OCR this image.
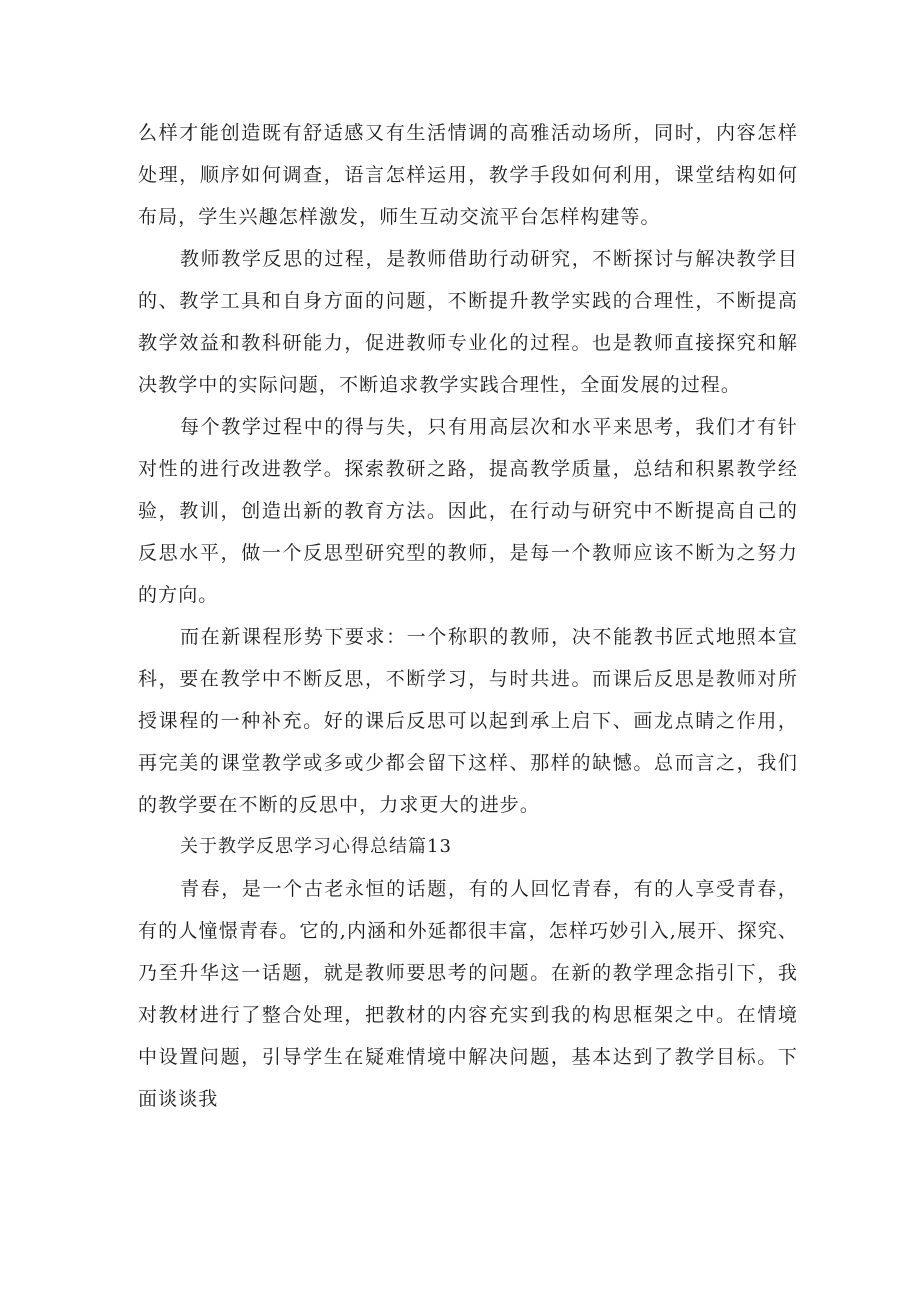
么样才能创造既有舒适感又有生活情调的高雅活动场所，同时，内容怎样处理，顺序如何调查，语言怎样运用，教学手段如何利用，课堂结构如何布局，学生兴趣怎样激发，师生互动交流平台怎样构建等。

教师教学反思的过程，是教师借助行动研究，不断探讨与解决教学目的、教学工具和自身方面的问题，不断提升教学实践的合理性，不断提高教学效益和教科研能力，促进教师专业化的过程。也是教师直接探究和解决教学中的实际问题，不断追求教学实践合理性，全面发展的过程。

每个教学过程中的得与失，只有用高层次和水平来思考，我们才有针对性的进行改进教学。探索教研之路，提高教学质量，总结和积累教学经验，教训，创造出新的教育方法。因此，在行动与研究中不断提高自己的反思水平，做一个反思型研究型的教师，是每一个教师应该不断为之努力的方向。

而在新课程形势下要求：一个称职的教师，决不能教书匠式地照本宣科，要在教学中不断反思，不断学习，与时共进。而课后反思是教师对所授课程的一种补充。好的课后反思可以起到承上启下、画龙点睛之作用，再完美的课堂教学或多或少都会留下这样、那样的缺憾。总而言之，我们的教学要在不断的反思中，力求更大的进步。

关于教学反思学习心得总结篇13

青春，是一个古老永恒的话题，有的人回忆青春，有的人享受青春，有的人憧憬青春。它的,内涵和外延都很丰富，怎样巧妙引入,展开、探究、乃至升华这一话题，就是教师要思考的问题。在新的教学理念指引下，我对教材进行了整合处理，把教材的内容充实到我的构思框架之中。在情境中设置问题，引导学生在疑难情境中解决问题，基本达到了教学目标。下面谈谈我
